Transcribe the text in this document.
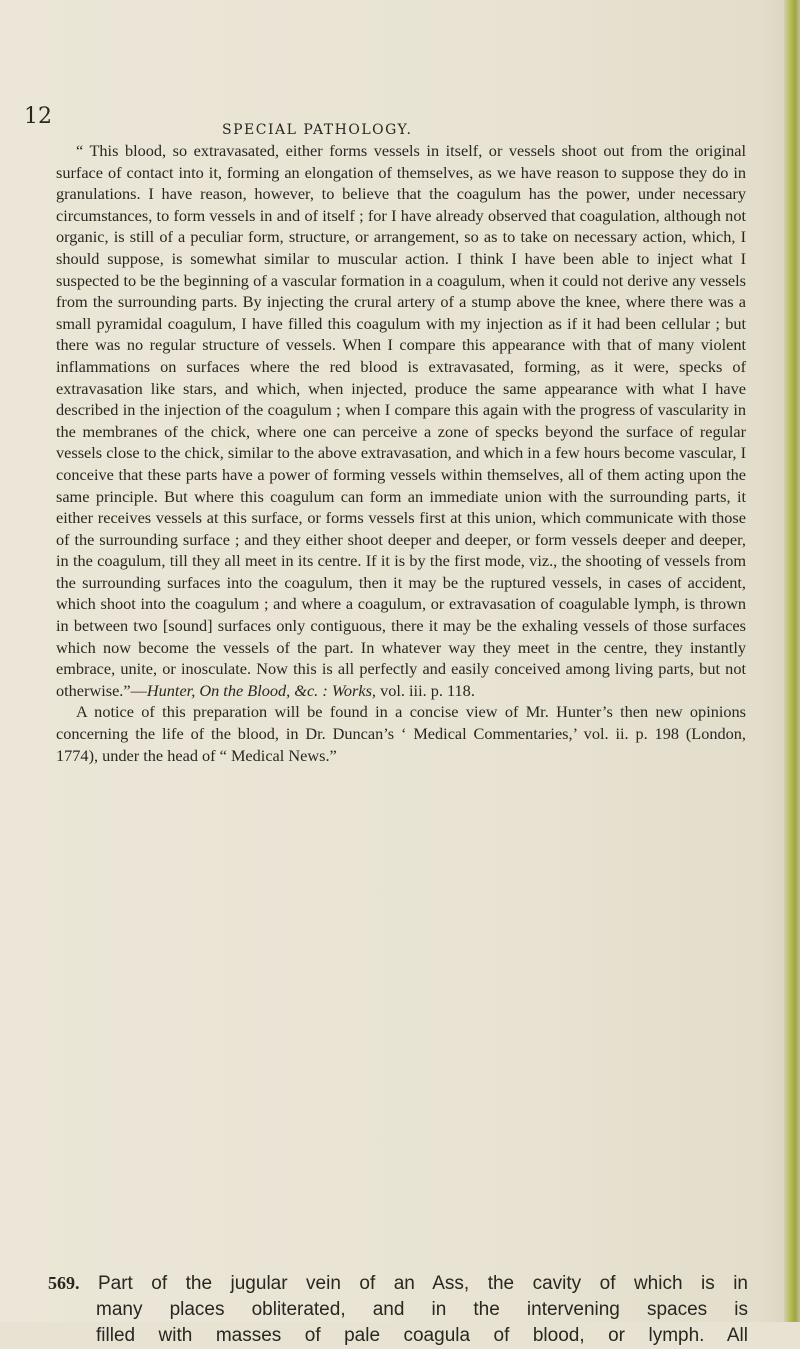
12
SPECIAL PATHOLOGY.

“ This blood, so extravasated, either forms vessels in itself, or vessels shoot out from the original surface of contact into it, forming an elongation of themselves, as we have reason to suppose they do in granulations. I have reason, however, to believe that the coagulum has the power, under necessary circumstances, to form vessels in and of itself ; for I have already observed that coagulation, although not organic, is still of a peculiar form, structure, or arrangement, so as to take on necessary action, which, I should suppose, is somewhat similar to muscular action. I think I have been able to inject what I suspected to be the beginning of a vascular formation in a coagulum, when it could not derive any vessels from the surrounding parts. By injecting the crural artery of a stump above the knee, where there was a small pyramidal coagulum, I have filled this coagulum with my injection as if it had been cellular ; but there was no regular structure of vessels. When I compare this appearance with that of many violent inflammations on surfaces where the red blood is extravasated, forming, as it were, specks of extravasation like stars, and which, when injected, produce the same appearance with what I have described in the injection of the coagulum ; when I compare this again with the progress of vascularity in the membranes of the chick, where one can perceive a zone of specks beyond the surface of regular vessels close to the chick, similar to the above extravasation, and which in a few hours become vascular, I conceive that these parts have a power of forming vessels within themselves, all of them acting upon the same principle. But where this coagulum can form an immediate union with the surrounding parts, it either receives vessels at this surface, or forms vessels first at this union, which communicate with those of the surrounding surface ; and they either shoot deeper and deeper, or form vessels deeper and deeper, in the coagulum, till they all meet in its centre. If it is by the first mode, viz., the shooting of vessels from the surrounding surfaces into the coagulum, then it may be the ruptured vessels, in cases of accident, which shoot into the coagulum ; and where a coagulum, or extravasation of coagulable lymph, is thrown in between two [sound] surfaces only contiguous, there it may be the exhaling vessels of those surfaces which now become the vessels of the part. In whatever way they meet in the centre, they instantly embrace, unite, or inosculate. Now this is all perfectly and easily conceived among living parts, but not otherwise.”—Hunter, On the Blood, &c. : Works, vol. iii. p. 118.

A notice of this preparation will be found in a concise view of Mr. Hunter’s then new opinions concerning the life of the blood, in Dr. Duncan’s ‘ Medical Commentaries,’ vol. ii. p. 198 (London, 1774), under the head of “ Medical News.”

569. Part of the jugular vein of an Ass, the cavity of which is in
many places obliterated, and in the intervening spaces is
filled with masses of pale coagula of blood, or lymph. All
